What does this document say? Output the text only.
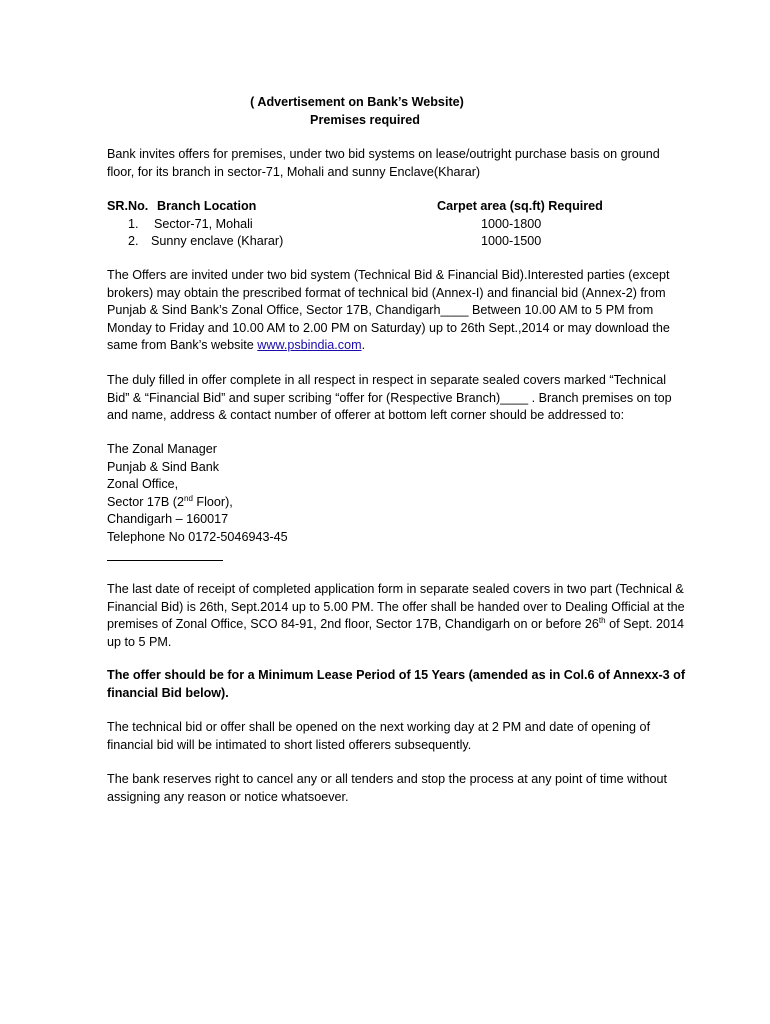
( Advertisement on Bank’s Website)
Premises required

Bank invites offers for premises, under two bid systems on lease/outright purchase basis on ground floor, for its branch in sector-71, Mohali and sunny Enclave(Kharar)

SR.No. Branch Location	Carpet area (sq.ft) Required
1. Sector-71, Mohali	1000-1800
2. Sunny enclave (Kharar)	1000-1500

The Offers are invited under two bid system (Technical Bid & Financial Bid).Interested parties (except brokers) may obtain the prescribed format of technical bid (Annex-I) and financial bid (Annex-2) from Punjab & Sind Bank’s Zonal Office, Sector 17B, Chandigarh____ Between 10.00 AM to 5 PM from Monday to Friday and 10.00 AM to 2.00 PM on Saturday) up to 26th Sept.,2014 or may download the same from Bank’s website www.psbindia.com.

The duly filled in offer complete in all respect in respect in separate sealed covers marked “Technical Bid” & “Financial Bid” and super scribing “offer for (Respective Branch)____ . Branch premises on top and name, address & contact number of offerer at bottom left corner should be addressed to:

The Zonal Manager
Punjab & Sind Bank
Zonal Office,
Sector 17B (2nd Floor),
Chandigarh – 160017
Telephone No 0172-5046943-45

The last date of receipt of completed application form in separate sealed covers in two part (Technical & Financial Bid) is 26th, Sept.2014 up to 5.00 PM. The offer shall be handed over to Dealing Official at the premises of Zonal Office, SCO 84-91, 2nd floor, Sector 17B, Chandigarh on or before 26th of Sept. 2014 up to 5 PM.

The offer should be for a Minimum Lease Period of 15 Years (amended as in Col.6 of Annexx-3 of financial Bid below).

The technical bid or offer shall be opened on the next working day at 2 PM and date of opening of financial bid will be intimated to short listed offerers subsequently.

The bank reserves right to cancel any or all tenders and stop the process at any point of time without assigning any reason or notice whatsoever.
